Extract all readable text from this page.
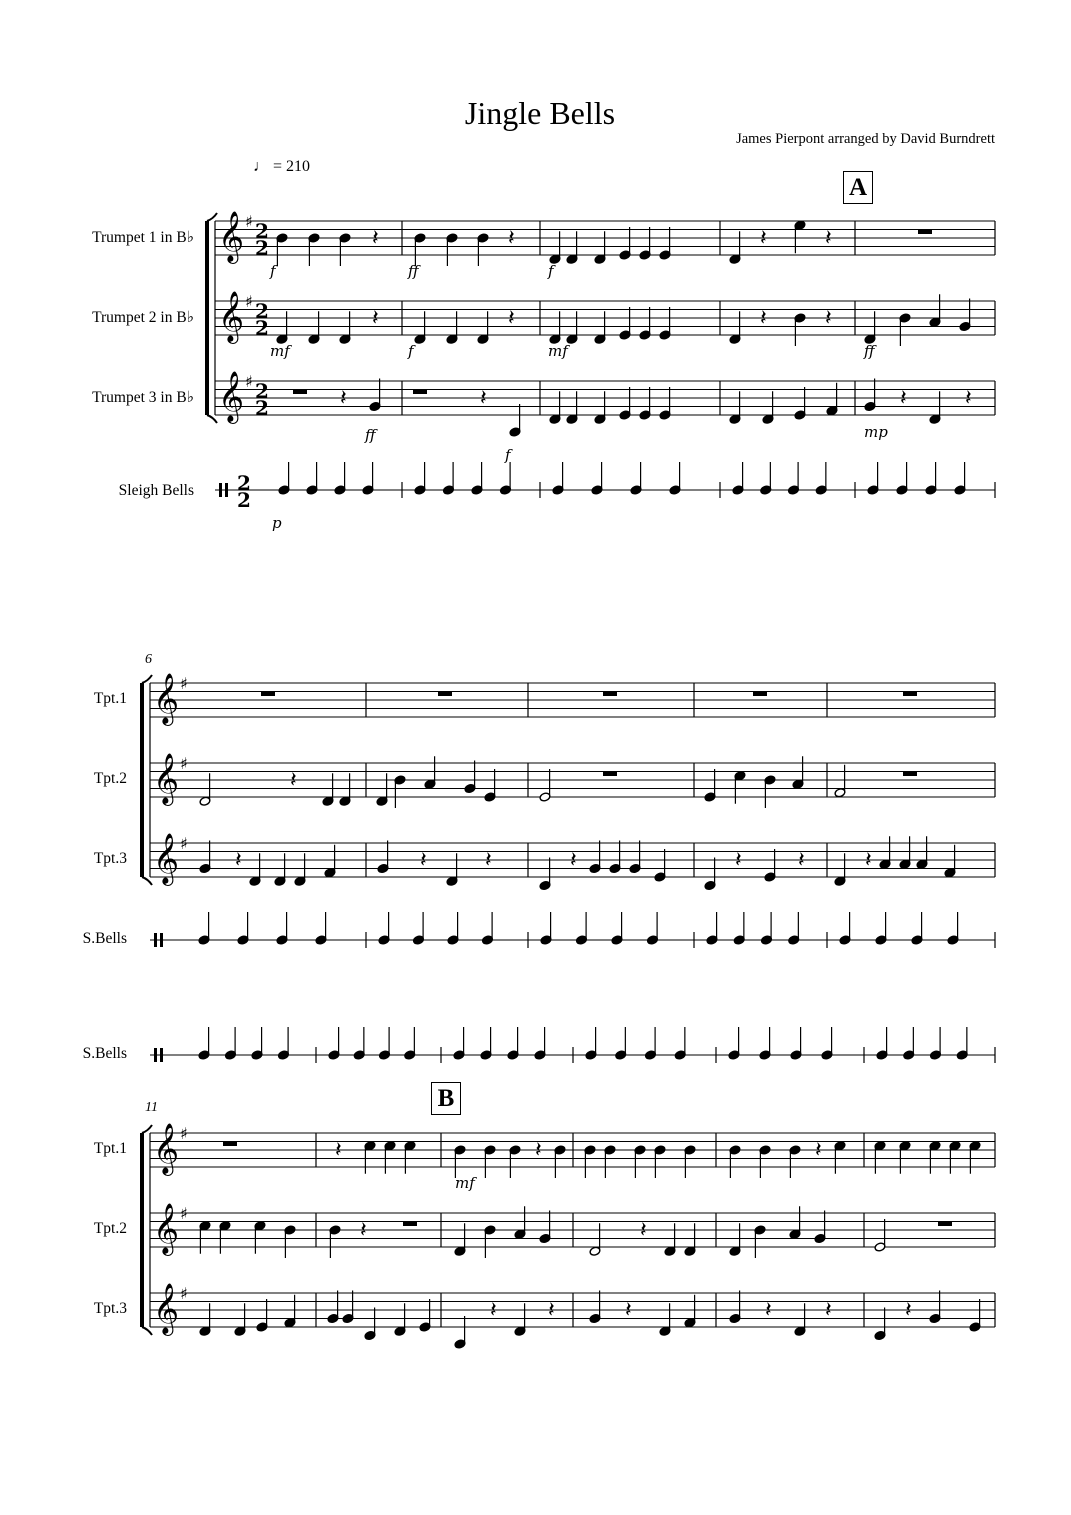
Jingle Bells
James Pierpont arranged by David Burndrett
♩ = 210
Trumpet 1 in B♭
Trumpet 2 in B♭
Trumpet 3 in B♭
Sleigh Bells
Tpt.1
Tpt.2
Tpt.3
S.Bells
Tpt.1
Tpt.2
Tpt.3
S.Bells
6
11
A
B
𝄞 ♯
𝄞 ♯
𝄞 ♯
2
2
2
2
2
2
2
2
𝄞 ♯
𝄞 ♯
𝄞 ♯
𝄞 ♯
𝄞 ♯
𝄞 ♯
𝄽	𝄽	𝄽	𝄽
𝄽	𝄽	𝄽	𝄽
𝄽	𝄽	𝄽	𝄽
𝄽
𝄽	𝄽	𝄽	𝄽	𝄽	𝄽	𝄽
𝄽	𝄽	𝄽
𝄽	𝄽
𝄽 𝄽	𝄽	𝄽 𝄽	𝄽
f	ff	f
mf	f	mf	ff
ff
f
mp
p
mf
